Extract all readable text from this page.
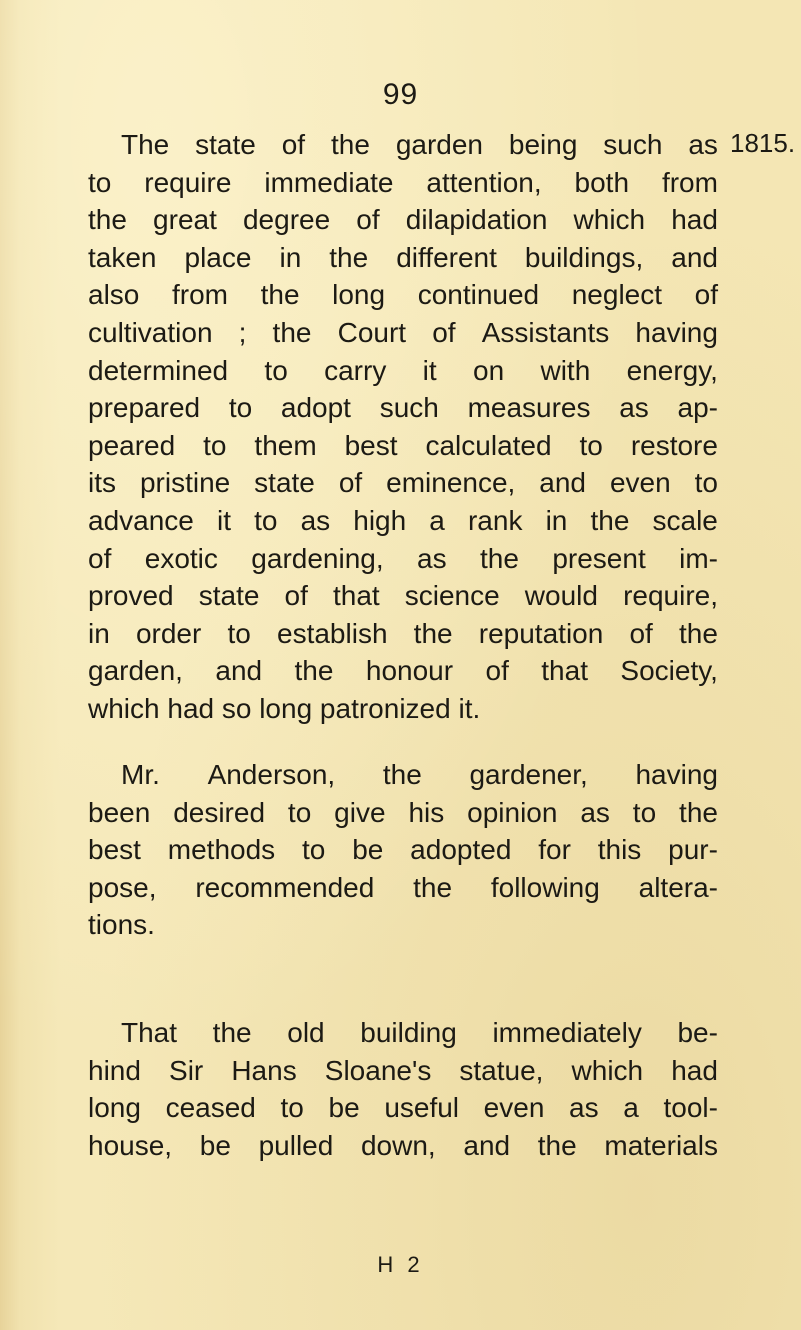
99
1815.
The state of the garden being such as
to require immediate attention, both from
the great degree of dilapidation which had
taken place in the different buildings, and
also from the long continued neglect of
cultivation ; the Court of Assistants having
determined to carry it on with energy,
prepared to adopt such measures as ap-
peared to them best calculated to restore
its pristine state of eminence, and even to
advance it to as high a rank in the scale
of exotic gardening, as the present im-
proved state of that science would require,
in order to establish the reputation of the
garden, and the honour of that Society,
which had so long patronized it.
Mr. Anderson, the gardener, having
been desired to give his opinion as to the
best methods to be adopted for this pur-
pose, recommended the following altera-
tions.
That the old building immediately be-
hind Sir Hans Sloane's statue, which had
long ceased to be useful even as a tool-
house, be pulled down, and the materials
H 2
